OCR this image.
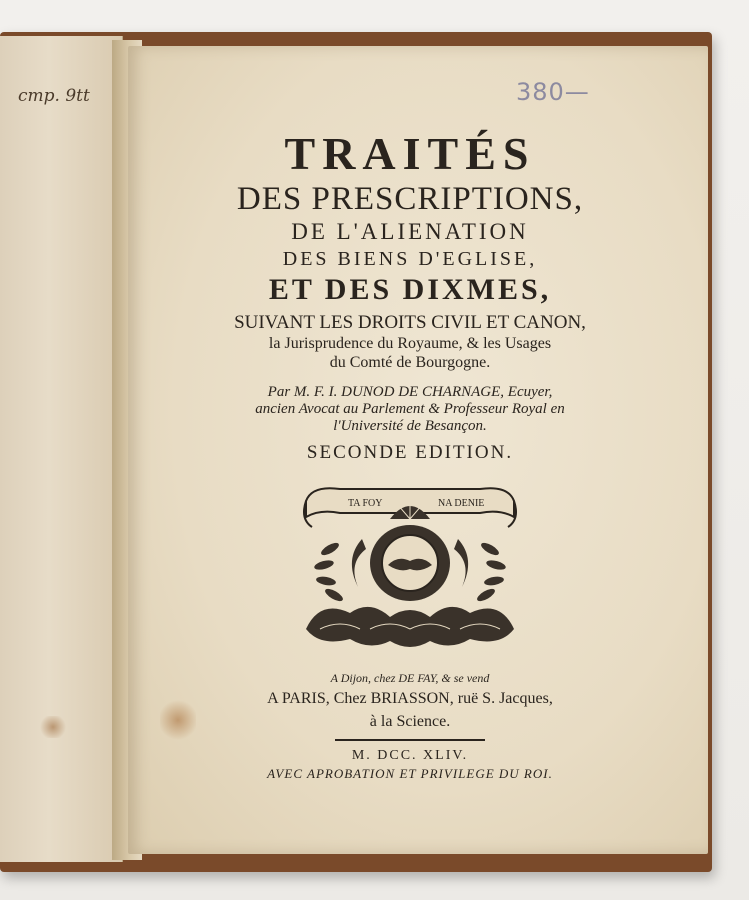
cmp. 9tt	380—
TRAITÉS
DES PRESCRIPTIONS,
DE L'ALIENATION
DES BIENS D'EGLISE,
ET DES DIXMES,
SUIVANT LES DROITS CIVIL ET CANON,
la Jurisprudence du Royaume, & les Usages
du Comté de Bourgogne.
Par M. F. I. DUNOD DE CHARNAGE, Ecuyer,
ancien Avocat au Parlement & Professeur Royal en
l'Université de Besançon.
SECONDE EDITION.
TA FOY	NA DENIE
A Dijon, chez DE FAY, & se vend
A PARIS, Chez BRIASSON, ruë S. Jacques,
à la Science.
M. DCC. XLIV.
AVEC APROBATION ET PRIVILEGE DU ROI.
